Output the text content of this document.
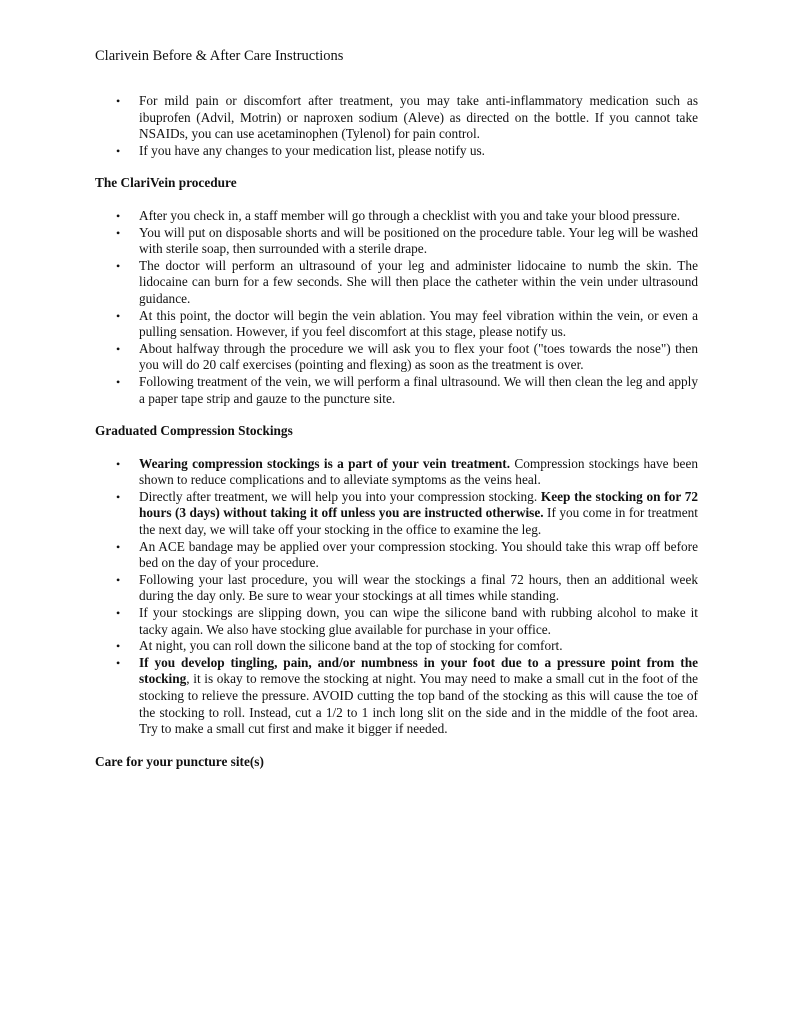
Clarivein Before & After Care Instructions
• For mild pain or discomfort after treatment, you may take anti-inflammatory medication such as ibuprofen (Advil, Motrin) or naproxen sodium (Aleve) as directed on the bottle. If you cannot take NSAIDs, you can use acetaminophen (Tylenol) for pain control.
• If you have any changes to your medication list, please notify us.
The ClariVein procedure
• After you check in, a staff member will go through a checklist with you and take your blood pressure.
• You will put on disposable shorts and will be positioned on the procedure table. Your leg will be washed with sterile soap, then surrounded with a sterile drape.
• The doctor will perform an ultrasound of your leg and administer lidocaine to numb the skin. The lidocaine can burn for a few seconds. She will then place the catheter within the vein under ultrasound guidance.
• At this point, the doctor will begin the vein ablation. You may feel vibration within the vein, or even a pulling sensation. However, if you feel discomfort at this stage, please notify us.
• About halfway through the procedure we will ask you to flex your foot ("toes towards the nose") then you will do 20 calf exercises (pointing and flexing) as soon as the treatment is over.
• Following treatment of the vein, we will perform a final ultrasound. We will then clean the leg and apply a paper tape strip and gauze to the puncture site.
Graduated Compression Stockings
• Wearing compression stockings is a part of your vein treatment. Compression stockings have been shown to reduce complications and to alleviate symptoms as the veins heal.
• Directly after treatment, we will help you into your compression stocking. Keep the stocking on for 72 hours (3 days) without taking it off unless you are instructed otherwise. If you come in for treatment the next day, we will take off your stocking in the office to examine the leg.
• An ACE bandage may be applied over your compression stocking. You should take this wrap off before bed on the day of your procedure.
• Following your last procedure, you will wear the stockings a final 72 hours, then an additional week during the day only. Be sure to wear your stockings at all times while standing.
• If your stockings are slipping down, you can wipe the silicone band with rubbing alcohol to make it tacky again. We also have stocking glue available for purchase in your office.
• At night, you can roll down the silicone band at the top of stocking for comfort.
• If you develop tingling, pain, and/or numbness in your foot due to a pressure point from the stocking, it is okay to remove the stocking at night. You may need to make a small cut in the foot of the stocking to relieve the pressure. AVOID cutting the top band of the stocking as this will cause the toe of the stocking to roll. Instead, cut a 1/2 to 1 inch long slit on the side and in the middle of the foot area. Try to make a small cut first and make it bigger if needed.
Care for your puncture site(s)
